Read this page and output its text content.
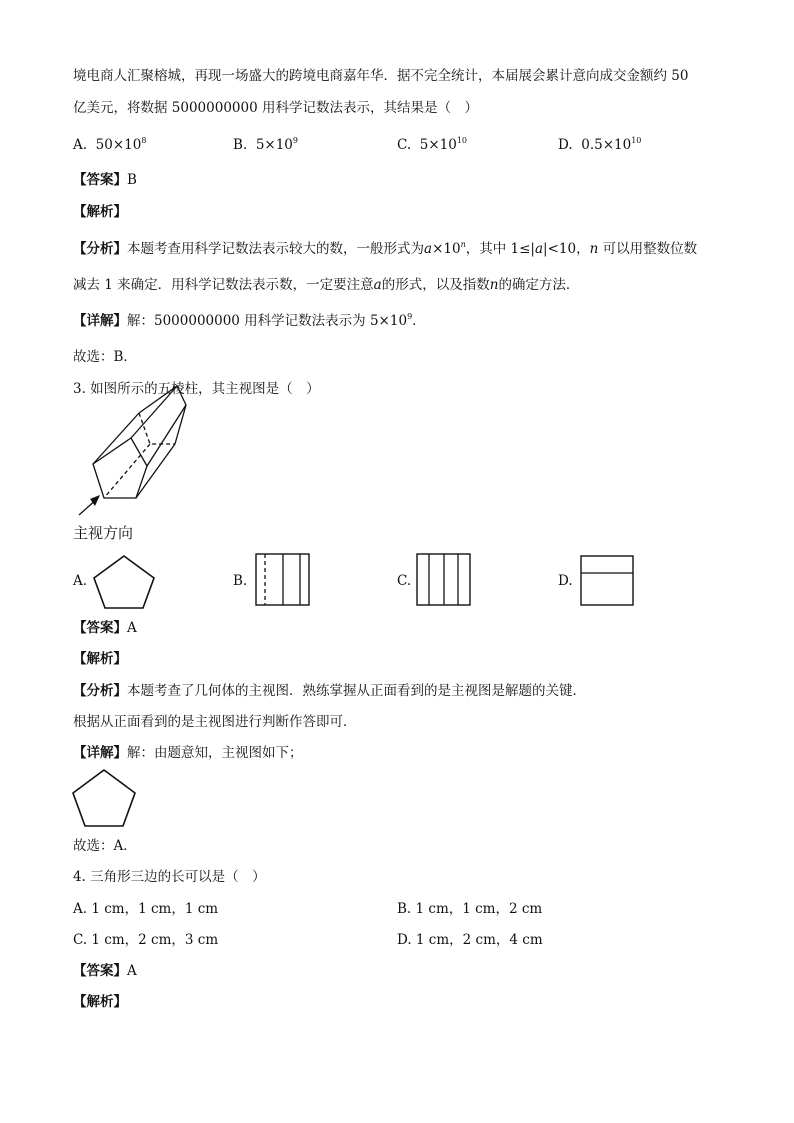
境电商人汇聚榕城，再现一场盛大的跨境电商嘉年华．据不完全统计，本届展会累计意向成交金额约 50
亿美元，将数据 5000000000 用科学记数法表示，其结果是（　）
A. $50\times 10^8$	B. $5\times 10^9$	C. $5\times 10^{10}$	D. $0.5\times 10^{10}$
【答案】B
【解析】
【分析】本题考查用科学记数法表示较大的数，一般形式为$a\times 10^n$，其中 1≤|a|<10，n 可以用整数位数
减去 1 来确定．用科学记数法表示数，一定要注意a的形式，以及指数n的确定方法．
【详解】解：5000000000 用科学记数法表示为 $5\times 10^9$．
故选：B．
3. 如图所示的五棱柱，其主视图是（　）
主视方向
A.	B.	C.	D.
【答案】A
【解析】
【分析】本题考查了几何体的主视图．熟练掌握从正面看到的是主视图是解题的关键．
根据从正面看到的是主视图进行判断作答即可．
【详解】解：由题意知，主视图如下；
故选：A．
4. 三角形三边的长可以是（　）
A. 1 cm，1 cm，1 cm	B. 1 cm，1 cm，2 cm
C. 1 cm，2 cm，3 cm	D. 1 cm，2 cm，4 cm
【答案】A
【解析】
